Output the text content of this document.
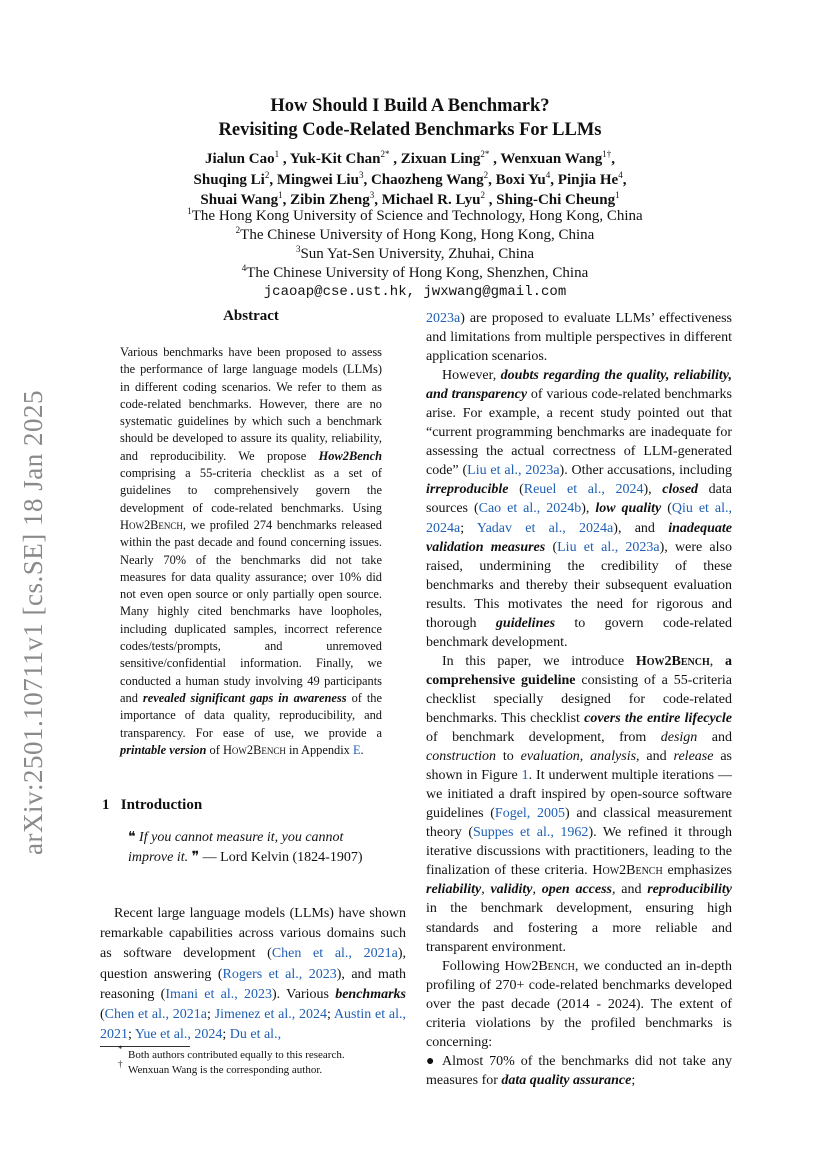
arXiv:2501.10711v1 [cs.SE] 18 Jan 2025
How Should I Build A Benchmark?
Revisiting Code-Related Benchmarks For LLMs
Jialun Cao$^1$ , Yuk-Kit Chan$^{2*}$ , Zixuan Ling$^{2*}$ , Wenxuan Wang$^{1\dagger}$,
Shuqing Li$^2$, Mingwei Liu$^3$, Chaozheng Wang$^2$, Boxi Yu$^4$, Pinjia He$^4$,
Shuai Wang$^1$, Zibin Zheng$^3$, Michael R. Lyu$^2$ , Shing-Chi Cheung$^1$
$^1$The Hong Kong University of Science and Technology, Hong Kong, China
$^2$The Chinese University of Hong Kong, Hong Kong, China
$^3$Sun Yat-Sen University, Zhuhai, China
$^4$The Chinese University of Hong Kong, Shenzhen, China
jcaoap@cse.ust.hk, jwxwang@gmail.com
Abstract
Various benchmarks have been proposed to assess the performance of large language models (LLMs) in different coding scenarios. We refer to them as code-related benchmarks. However, there are no systematic guidelines by which such a benchmark should be developed to assure its quality, reliability, and reproducibility. We propose How2Bench comprising a 55-criteria checklist as a set of guidelines to comprehensively govern the development of code-related benchmarks. Using How2Bench, we profiled 274 benchmarks released within the past decade and found concerning issues. Nearly 70% of the benchmarks did not take measures for data quality assurance; over 10% did not even open source or only partially open source. Many highly cited benchmarks have loopholes, including duplicated samples, incorrect reference codes/tests/prompts, and unremoved sensitive/confidential information. Finally, we conducted a human study involving 49 participants and revealed significant gaps in awareness of the importance of data quality, reproducibility, and transparency. For ease of use, we provide a printable version of How2Bench in Appendix E.
1   Introduction
❝ If you cannot measure it, you cannot improve it. ❞ — Lord Kelvin (1824-1907)
Recent large language models (LLMs) have shown remarkable capabilities across various domains such as software development (Chen et al., 2021a), question answering (Rogers et al., 2023), and math reasoning (Imani et al., 2023). Various benchmarks (Chen et al., 2021a; Jimenez et al., 2024; Austin et al., 2021; Yue et al., 2024; Du et al.,
*  Both authors contributed equally to this research.
†  Wenxuan Wang is the corresponding author.

2023a) are proposed to evaluate LLMs’ effectiveness and limitations from multiple perspectives in different application scenarios.

However, doubts regarding the quality, reliability, and transparency of various code-related benchmarks arise. For example, a recent study pointed out that “current programming benchmarks are inadequate for assessing the actual correctness of LLM-generated code” (Liu et al., 2023a). Other accusations, including irreproducible (Reuel et al., 2024), closed data sources (Cao et al., 2024b), low quality (Qiu et al., 2024a; Yadav et al., 2024a), and inadequate validation measures (Liu et al., 2023a), were also raised, undermining the credibility of these benchmarks and thereby their subsequent evaluation results. This motivates the need for rigorous and thorough guidelines to govern code-related benchmark development.

In this paper, we introduce How2Bench, a comprehensive guideline consisting of a 55-criteria checklist specially designed for code-related benchmarks. This checklist covers the entire lifecycle of benchmark development, from design and construction to evaluation, analysis, and release as shown in Figure 1. It underwent multiple iterations — we initiated a draft inspired by open-source software guidelines (Fogel, 2005) and classical measurement theory (Suppes et al., 1962). We refined it through iterative discussions with practitioners, leading to the finalization of these criteria. How2Bench emphasizes reliability, validity, open access, and reproducibility in the benchmark development, ensuring high standards and fostering a more reliable and transparent environment.

Following How2Bench, we conducted an in-depth profiling of 270+ code-related benchmarks developed over the past decade (2014 - 2024). The extent of criteria violations by the profiled benchmarks is concerning:

● Almost 70% of the benchmarks did not take any measures for data quality assurance;
